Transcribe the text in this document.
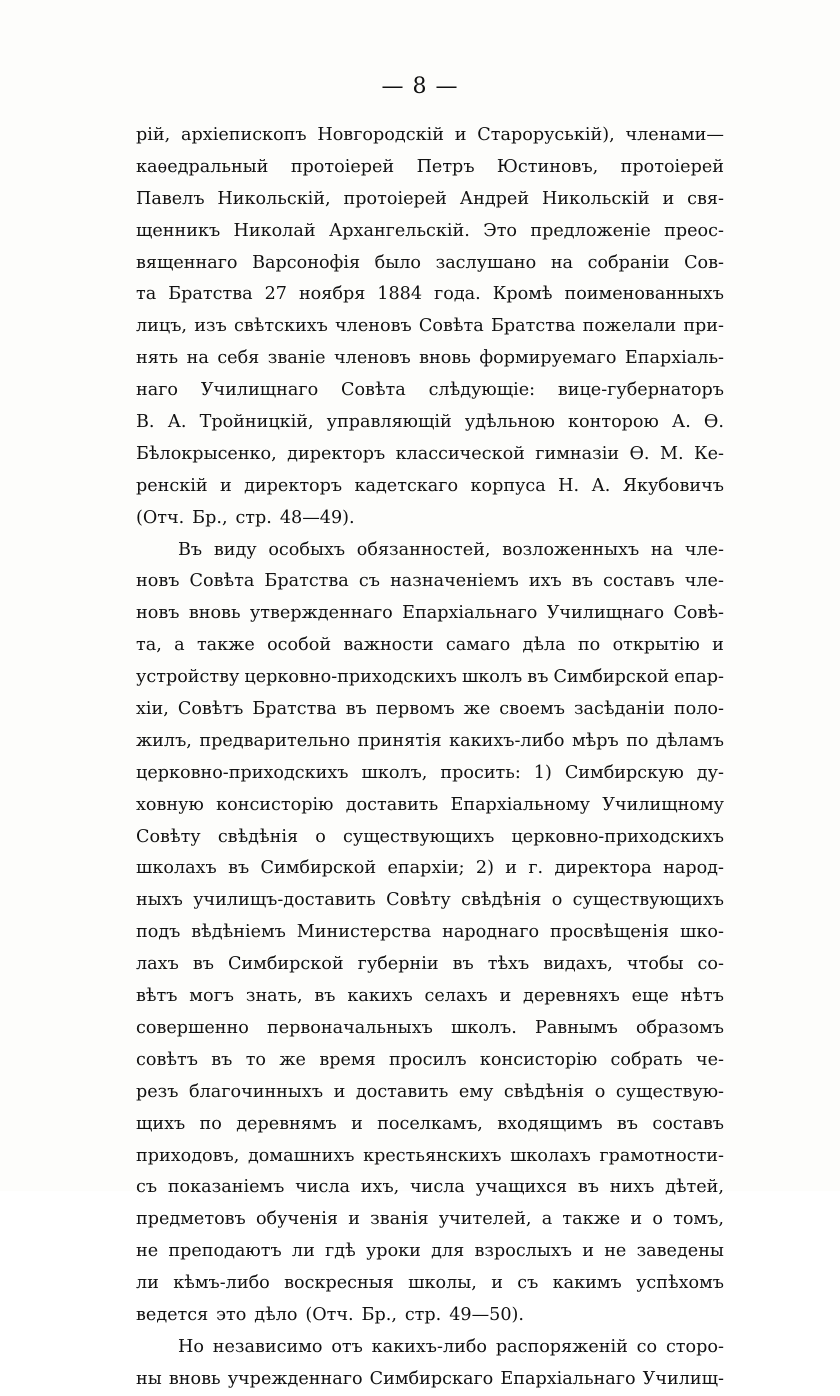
— 8 —
рій, архіепископъ Новгородскій и Староруській), членами—
каѳедральный протоіерей Петръ Юстиновъ, протоіерей
Павелъ Никольскій, протоіерей Андрей Никольскій и свя-
щенникъ Николай Архангельскій. Это предложеніе преос-
вященнаго Варсонофія было заслушано на собраніи Сов-
та Братства 27 ноября 1884 года. Кромѣ поименованныхъ
лицъ, изъ свѣтскихъ членовъ Совѣта Братства пожелали при-
нять на себя званіе членовъ вновь формируемаго Епархіаль-
наго Училищнаго Совѣта слѣдующіе: вице-губернаторъ
В. А. Тройницкій, управляющій удѣльною конторою А. Ѳ.
Бѣлокрысенко, директоръ классической гимназіи Ѳ. М. Ке-
ренскій и директоръ кадетскаго корпуса Н. А. Якубовичъ
(Отч. Бр., стр. 48—49).
Въ виду особыхъ обязанностей, возложенныхъ на чле-
новъ Совѣта Братства съ назначеніемъ ихъ въ составъ чле-
новъ вновь утвержденнаго Епархіальнаго Училищнаго Совѣ-
та, а также особой важности самаго дѣла по открытію и
устройству церковно-приходскихъ школъ въ Симбирской епар-
хіи, Совѣтъ Братства въ первомъ же своемъ засѣданіи поло-
жилъ, предварительно принятія какихъ-либо мѣръ по дѣламъ
церковно-приходскихъ школъ, просить: 1) Симбирскую ду-
ховную консисторію доставить Епархіальному Училищному
Совѣту свѣдѣнія о существующихъ церковно-приходскихъ
школахъ въ Симбирской епархіи; 2) и г. директора народ-
ныхъ училищъ-доставить Совѣту свѣдѣнія о существующихъ
подъ вѣдѣніемъ Министерства народнаго просвѣщенія шко-
лахъ въ Симбирской губерніи въ тѣхъ видахъ, чтобы со-
вѣтъ могъ знать, въ какихъ селахъ и деревняхъ еще нѣтъ
совершенно первоначальныхъ школъ. Равнымъ образомъ
совѣтъ въ то же время просилъ консисторію собрать че-
резъ благочинныхъ и доставить ему свѣдѣнія о существую-
щихъ по деревнямъ и поселкамъ, входящимъ въ составъ
приходовъ, домашнихъ крестьянскихъ школахъ грамотности-
съ показаніемъ числа ихъ, числа учащихся въ нихъ дѣтей,
предметовъ обученія и званія учителей, а также и о томъ,
не преподаютъ ли гдѣ уроки для взрослыхъ и не заведены
ли кѣмъ-либо воскресныя школы, и съ какимъ успѣхомъ
ведется это дѣло (Отч. Бр., стр. 49—50).
Но независимо отъ какихъ-либо распоряженій со сторо-
ны вновь учрежденнаго Симбирскаго Епархіальнаго Училищ-
